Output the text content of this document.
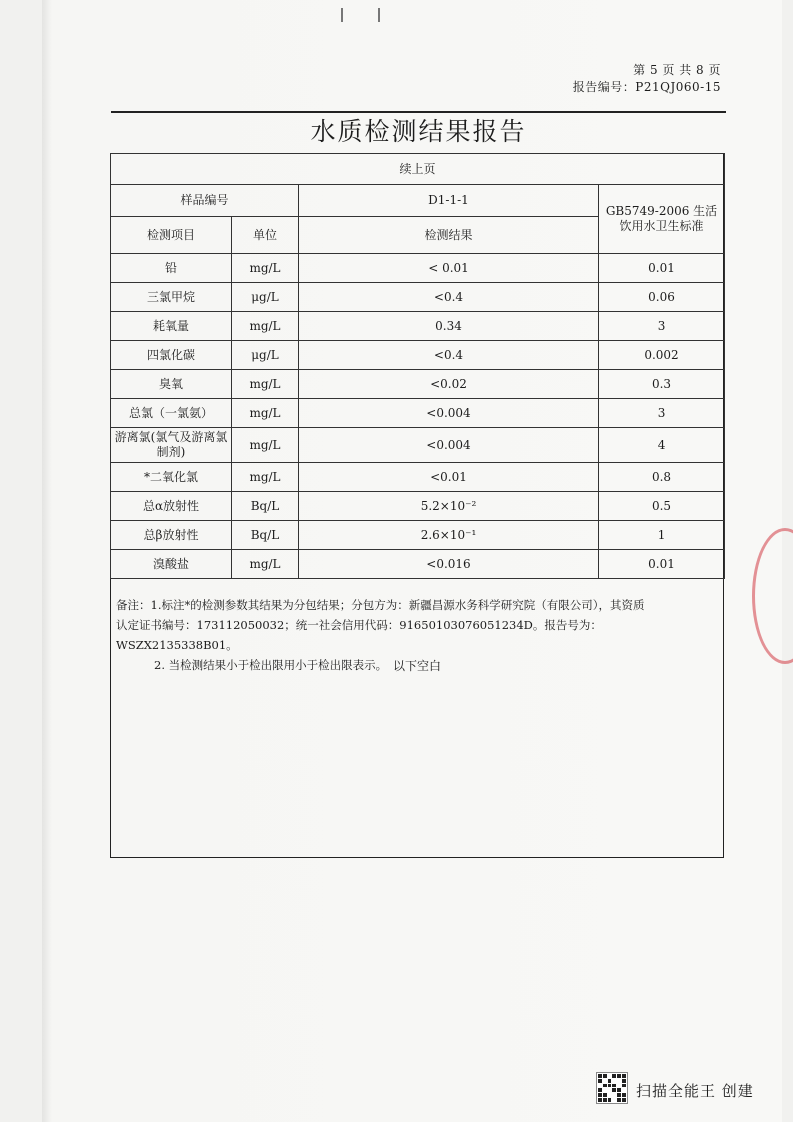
第 5 页 共 8 页
报告编号：P21QJ060-15
水质检测结果报告
续上页			
样品编号		D1-1-1	GB5749-2006 生活饮用水卫生标准
检测项目	单位	检测结果	
铅	mg/L	< 0.01	0.01
三氯甲烷	μg/L	<0.4	0.06
耗氧量	mg/L	0.34	3
四氯化碳	μg/L	<0.4	0.002
臭氧	mg/L	<0.02	0.3
总氯（一氯氨）	mg/L	<0.004	3
游离氯(氯气及游离氯制剂)	mg/L	<0.004	4
*二氧化氯	mg/L	<0.01	0.8
总α放射性	Bq/L	5.2×10⁻²	0.5
总β放射性	Bq/L	2.6×10⁻¹	1
溴酸盐	mg/L	<0.016	0.01
备注：1.标注*的检测参数其结果为分包结果；分包方为：新疆昌源水务科学研究院（有限公司），其资质
认定证书编号：173112050032；统一社会信用代码：91650103076051234D。报告号为：WSZX2135338B01。
2. 当检测结果小于检出限用小于检出限表示。 以下空白
扫描全能王 创建
